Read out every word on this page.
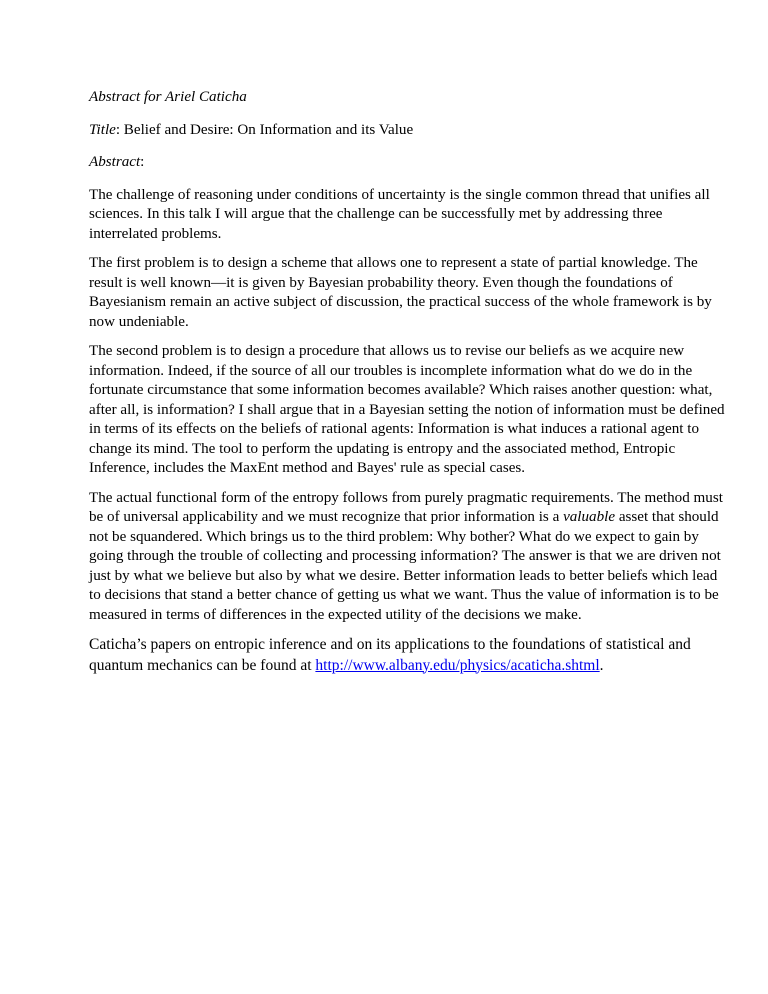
Abstract for Ariel Caticha

Title: Belief and Desire: On Information and its Value

Abstract:

The challenge of reasoning under conditions of uncertainty is the single common thread that unifies all sciences. In this talk I will argue that the challenge can be successfully met by addressing three interrelated problems.

The first problem is to design a scheme that allows one to represent a state of partial knowledge. The result is well known—it is given by Bayesian probability theory. Even though the foundations of Bayesianism remain an active subject of discussion, the practical success of the whole framework is by now undeniable.

The second problem is to design a procedure that allows us to revise our beliefs as we acquire new information. Indeed, if the source of all our troubles is incomplete information what do we do in the fortunate circumstance that some information becomes available? Which raises another question: what, after all, is information? I shall argue that in a Bayesian setting the notion of information must be defined in terms of its effects on the beliefs of rational agents: Information is what induces a rational agent to change its mind. The tool to perform the updating is entropy and the associated method, Entropic Inference, includes the MaxEnt method and Bayes' rule as special cases.

The actual functional form of the entropy follows from purely pragmatic requirements. The method must be of universal applicability and we must recognize that prior information is a valuable asset that should not be squandered. Which brings us to the third problem: Why bother? What do we expect to gain by going through the trouble of collecting and processing information? The answer is that we are driven not just by what we believe but also by what we desire. Better information leads to better beliefs which lead to decisions that stand a better chance of getting us what we want. Thus the value of information is to be measured in terms of differences in the expected utility of the decisions we make.

Caticha’s papers on entropic inference and on its applications to the foundations of statistical and quantum mechanics can be found at http://www.albany.edu/physics/acaticha.shtml.
